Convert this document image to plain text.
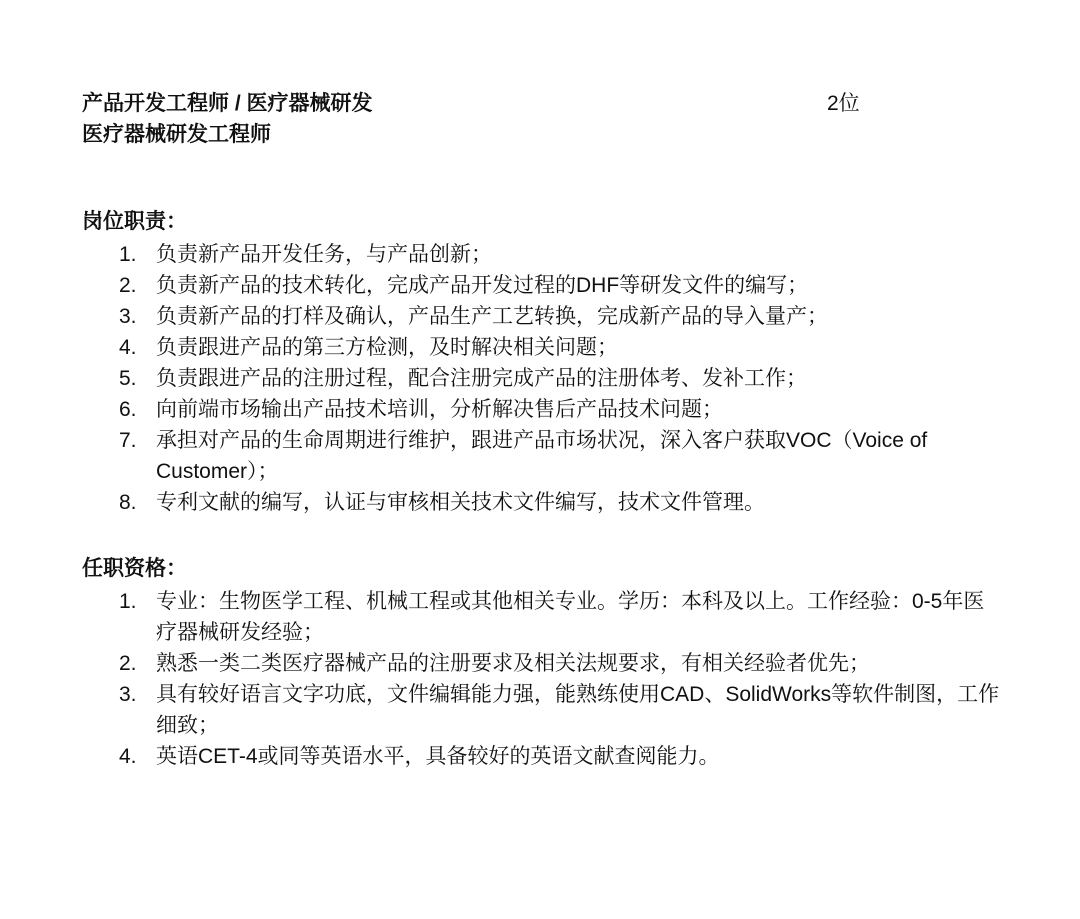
产品开发工程师 / 医疗器械研发
医疗器械研发工程师
2位
岗位职责：
1. 负责新产品开发任务，与产品创新；
2. 负责新产品的技术转化，完成产品开发过程的DHF等研发文件的编写；
3. 负责新产品的打样及确认，产品生产工艺转换，完成新产品的导入量产；
4. 负责跟进产品的第三方检测，及时解决相关问题；
5. 负责跟进产品的注册过程，配合注册完成产品的注册体考、发补工作；
6. 向前端市场输出产品技术培训，分析解决售后产品技术问题；
7. 承担对产品的生命周期进行维护，跟进产品市场状况，深入客户获取VOC（Voice of Customer）；
8. 专利文献的编写，认证与审核相关技术文件编写，技术文件管理。
任职资格：
1. 专业：生物医学工程、机械工程或其他相关专业。学历：本科及以上。工作经验：0-5年医疗器械研发经验；
2. 熟悉一类二类医疗器械产品的注册要求及相关法规要求，有相关经验者优先；
3. 具有较好语言文字功底，文件编辑能力强，能熟练使用CAD、SolidWorks等软件制图，工作细致；
4. 英语CET-4或同等英语水平，具备较好的英语文献查阅能力。
